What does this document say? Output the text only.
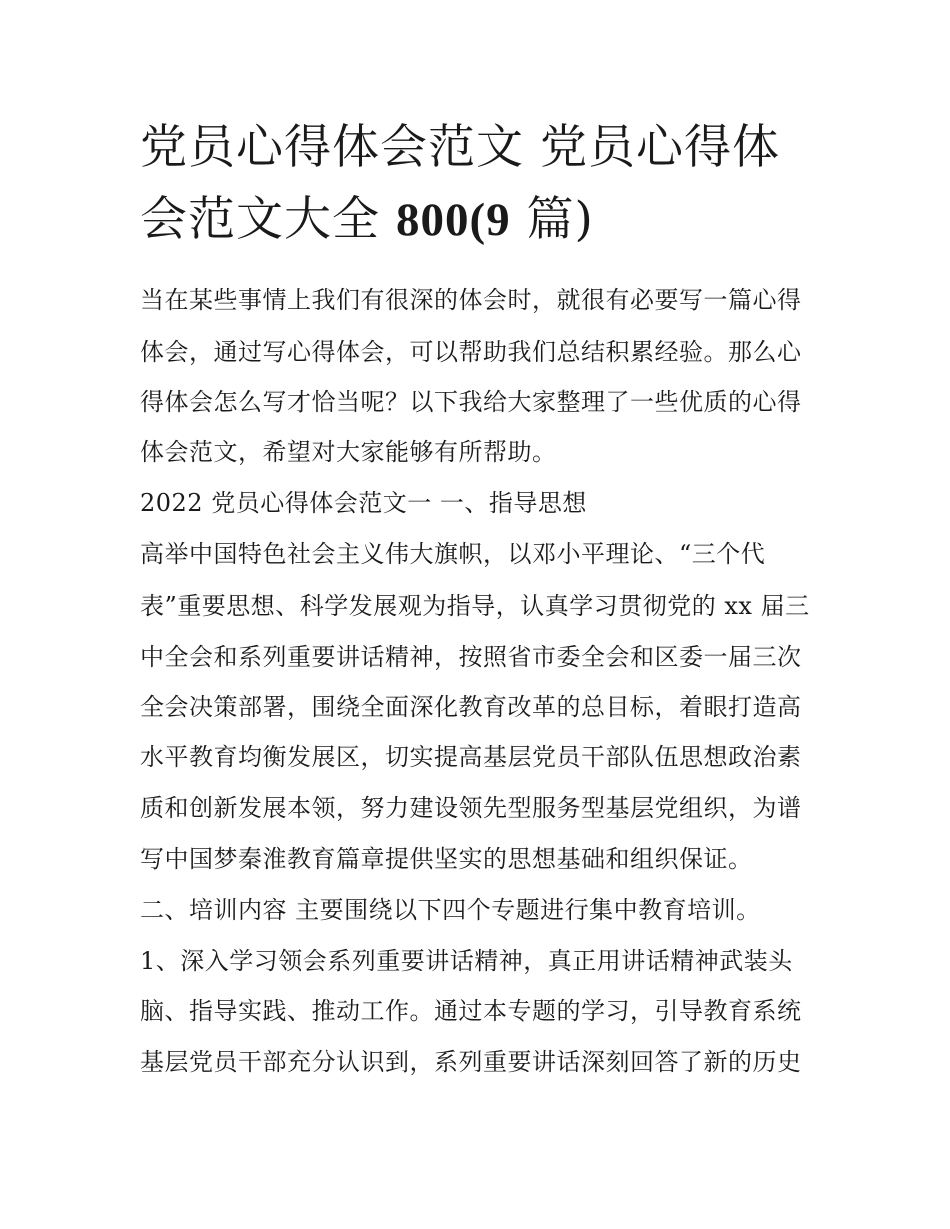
党员心得体会范文 党员心得体
会范文大全 800(9 篇)
当在某些事情上我们有很深的体会时，就很有必要写一篇心得
体会，通过写心得体会，可以帮助我们总结积累经验。那么心
得体会怎么写才恰当呢？以下我给大家整理了一些优质的心得
体会范文，希望对大家能够有所帮助。
2022 党员心得体会范文一 一、指导思想
高举中国特色社会主义伟大旗帜，以邓小平理论、“三个代
表”重要思想、科学发展观为指导，认真学习贯彻党的 xx 届三
中全会和系列重要讲话精神，按照省市委全会和区委一届三次
全会决策部署，围绕全面深化教育改革的总目标，着眼打造高
水平教育均衡发展区，切实提高基层党员干部队伍思想政治素
质和创新发展本领，努力建设领先型服务型基层党组织，为谱
写中国梦秦淮教育篇章提供坚实的思想基础和组织保证。
二、培训内容 主要围绕以下四个专题进行集中教育培训。
1、深入学习领会系列重要讲话精神，真正用讲话精神武装头
脑、指导实践、推动工作。通过本专题的学习，引导教育系统
基层党员干部充分认识到，系列重要讲话深刻回答了新的历史
